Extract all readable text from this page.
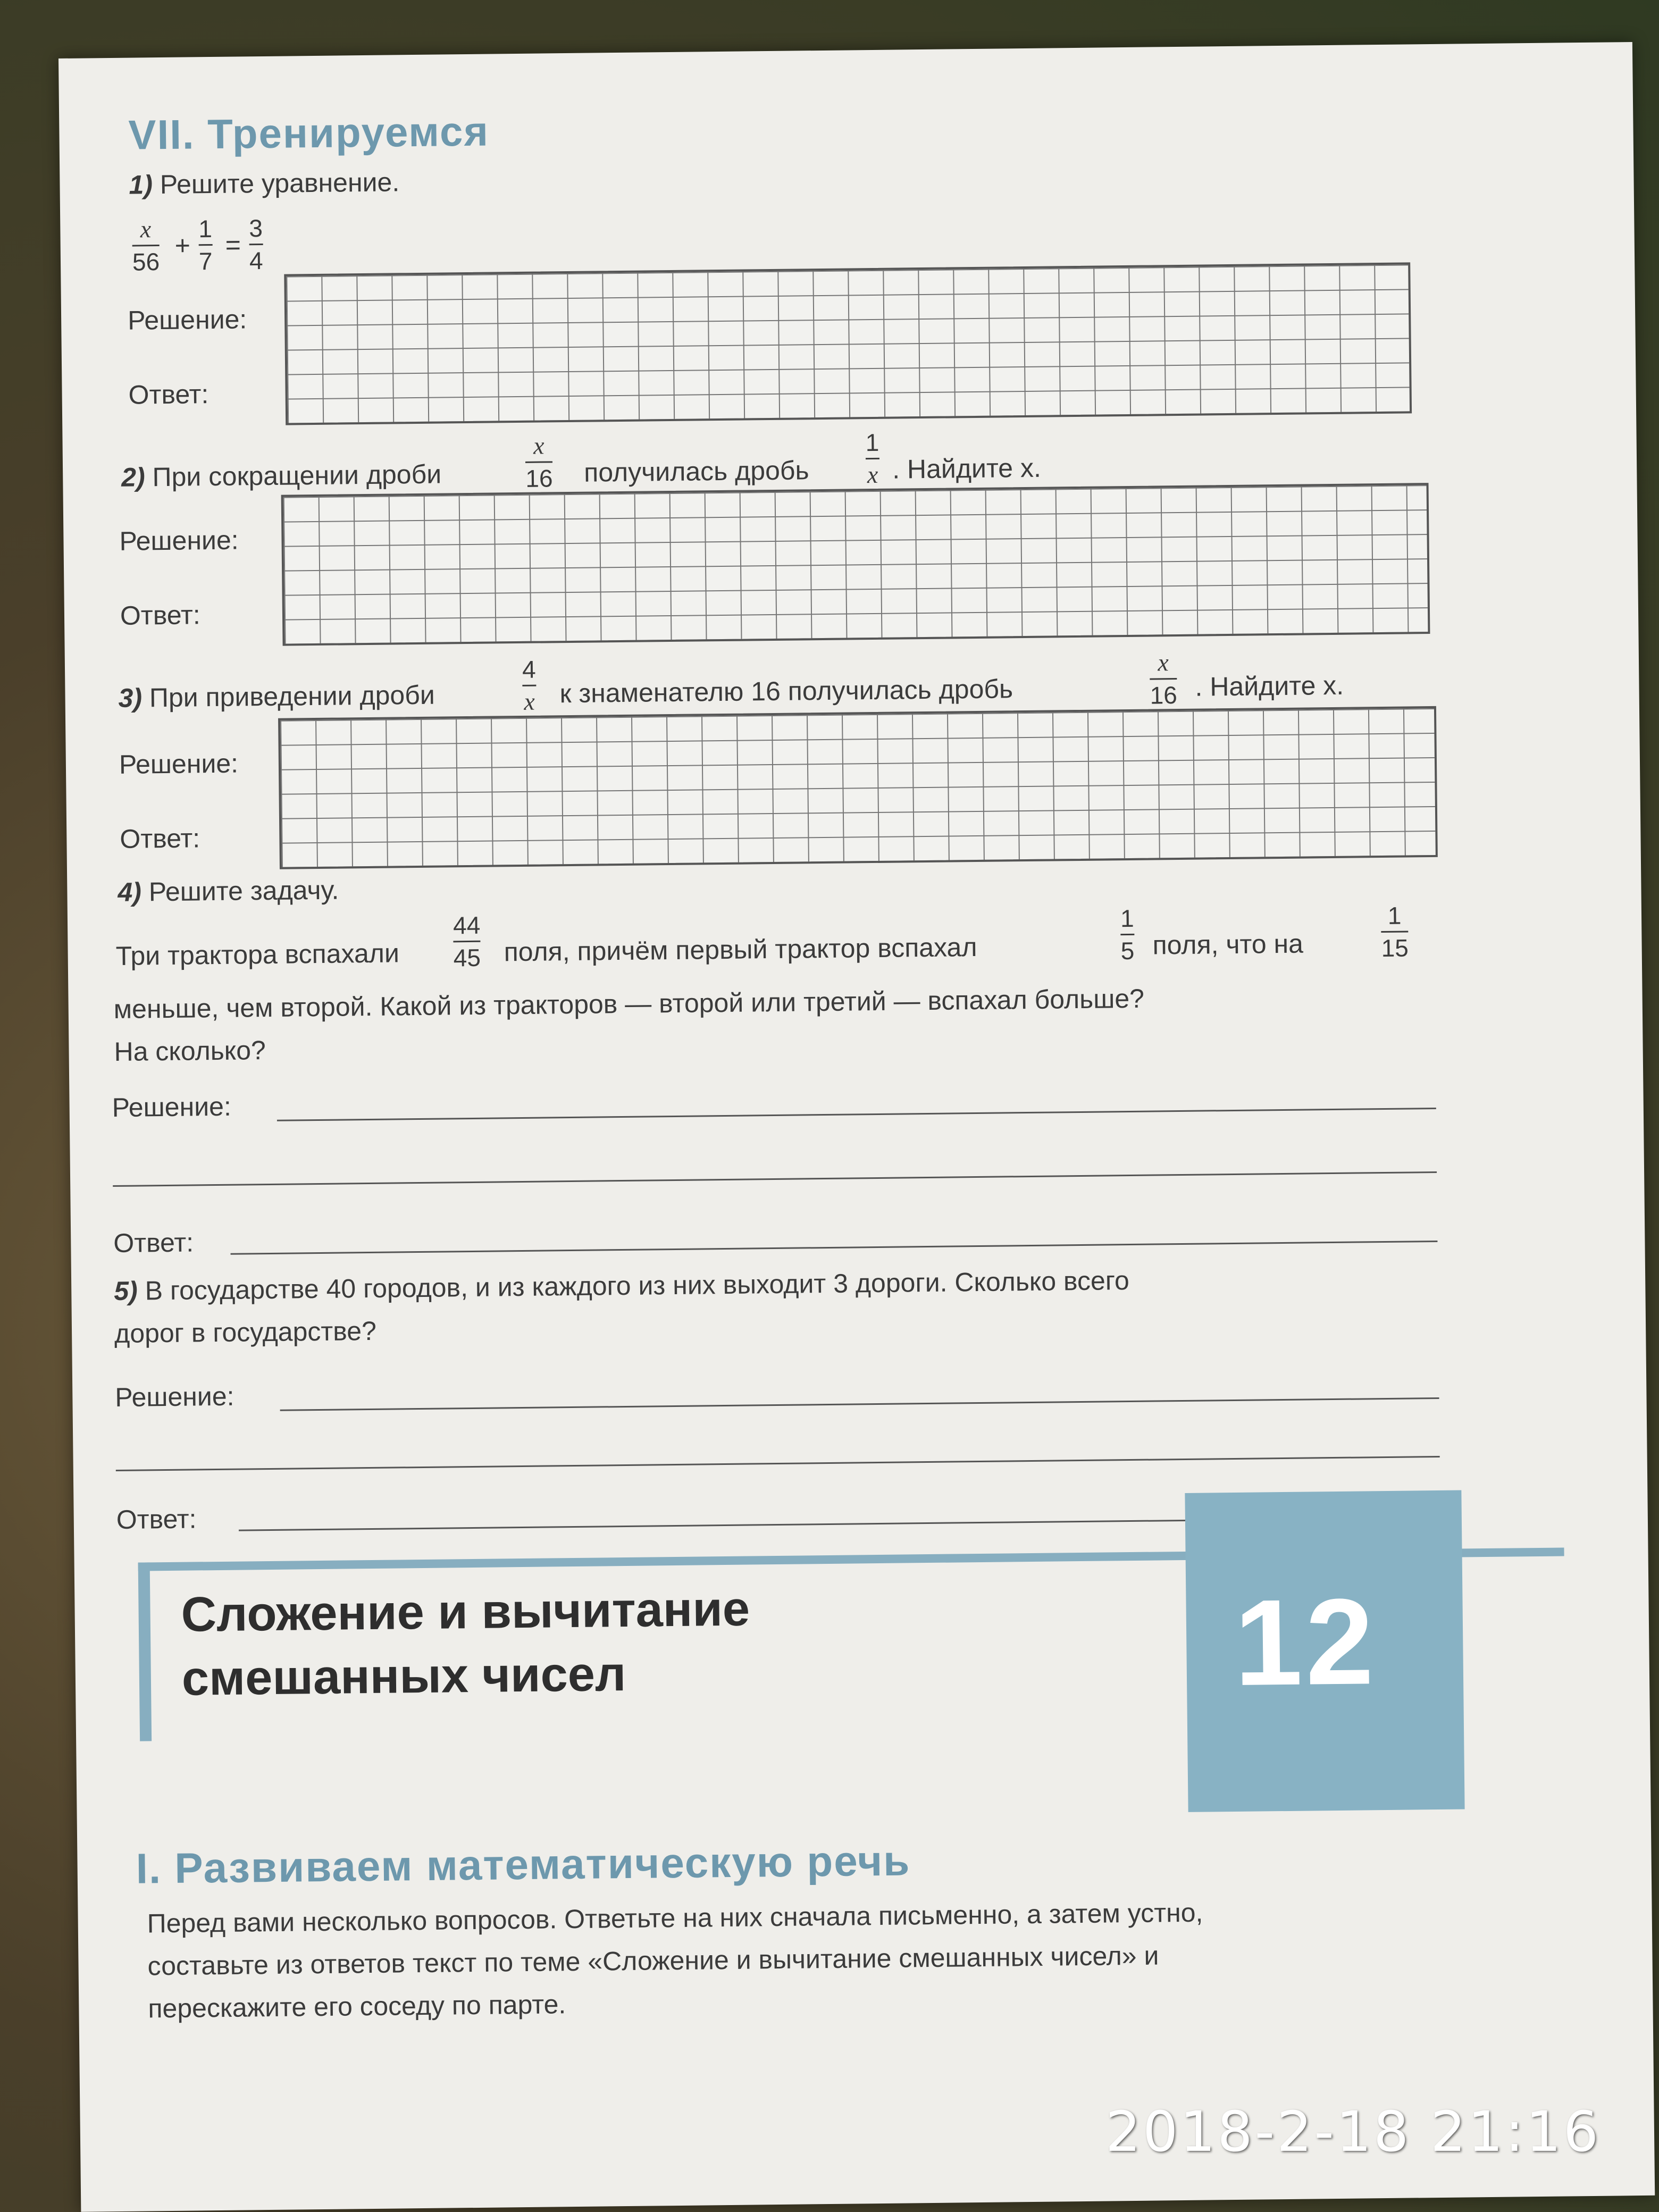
VII. Тренируемся
1) Решите уравнение.
x
56
+
1
7
=
3
4
Решение:
Ответ:
2) При сокращении дроби
x
16 получилась дробь
1
x . Найдите x.
Решение:
Ответ:
3) При приведении дроби
4
x к знаменателю 16 получилась дробь
x
16 . Найдите x.
Решение:
Ответ:
4) Решите задачу.
Три трактора вспахали
44
45 поля, причём первый трактор вспахал
1
5 поля, что на
1
15
меньше, чем второй. Какой из тракторов — второй или третий — вспахал больше?
На сколько?
Решение:
Ответ:
5) В государстве 40 городов, и из каждого из них выходит 3 дороги. Сколько всего
дорог в государстве?
Решение:
Ответ:
12
Сложение и вычитание
смешанных чисел
I. Развиваем математическую речь
Перед вами несколько вопросов. Ответьте на них сначала письменно, а затем устно,
составьте из ответов текст по теме «Сложение и вычитание смешанных чисел» и
перескажите его соседу по парте.
2018-2-18 21:16
